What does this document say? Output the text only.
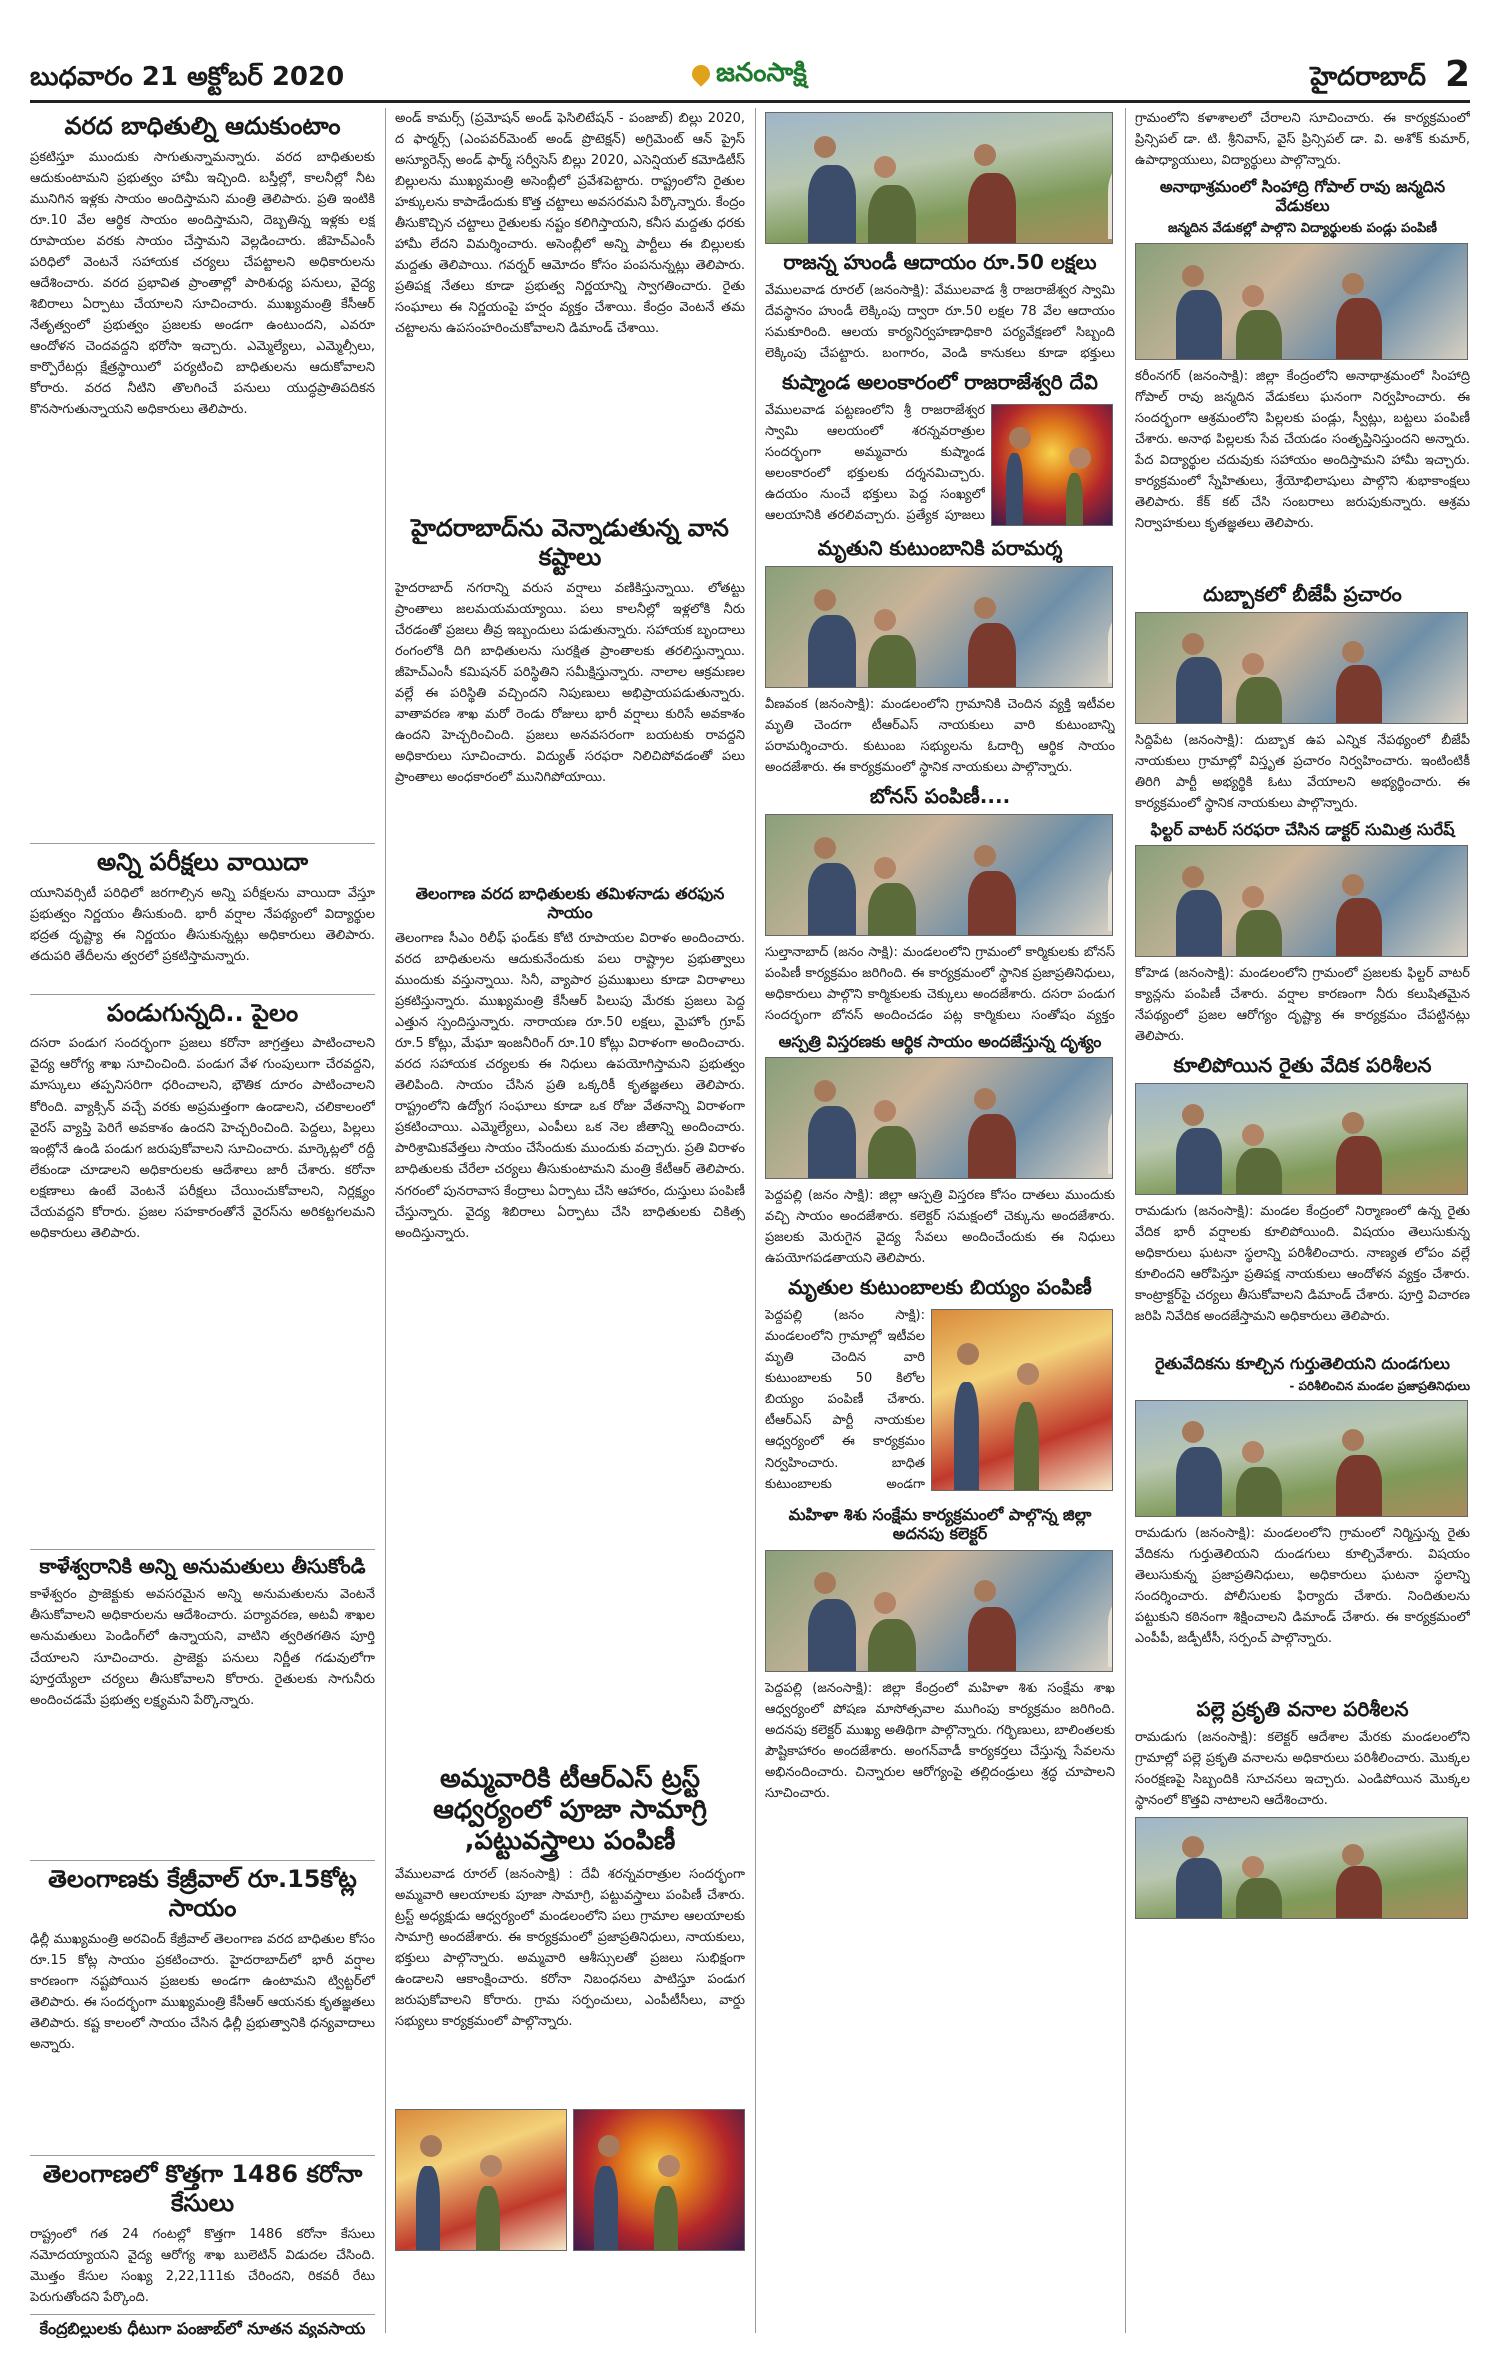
బుధవారం 21 అక్టోబర్ 2020	జనంసాక్షి	హైదరాబాద్ 2
వరద బాధితుల్ని ఆదుకుంటాం

ప్రకటిస్తూ ముందుకు సాగుతున్నామన్నారు. వరద బాధితులకు ఆదుకుంటామని ప్రభుత్వం హామీ ఇచ్చింది. బస్తీల్లో, కాలనీల్లో నీట మునిగిన ఇళ్లకు సాయం అందిస్తామని మంత్రి తెలిపారు. ప్రతి ఇంటికి రూ.10 వేల ఆర్థిక సాయం అందిస్తామని, దెబ్బతిన్న ఇళ్లకు లక్ష రూపాయల వరకు సాయం చేస్తామని వెల్లడించారు. జీహెచ్‌ఎంసీ పరిధిలో వెంటనే సహాయక చర్యలు చేపట్టాలని అధికారులను ఆదేశించారు. వరద ప్రభావిత ప్రాంతాల్లో పారిశుధ్య పనులు, వైద్య శిబిరాలు ఏర్పాటు చేయాలని సూచించారు. ముఖ్యమంత్రి కేసీఆర్ నేతృత్వంలో ప్రభుత్వం ప్రజలకు అండగా ఉంటుందని, ఎవరూ ఆందోళన చెందవద్దని భరోసా ఇచ్చారు. ఎమ్మెల్యేలు, ఎమ్మెల్సీలు, కార్పొరేటర్లు క్షేత్రస్థాయిలో పర్యటించి బాధితులను ఆదుకోవాలని కోరారు. వరద నీటిని తొలగించే పనులు యుద్ధప్రాతిపదికన కొనసాగుతున్నాయని అధికారులు తెలిపారు.

అన్ని పరీక్షలు వాయిదా

యూనివర్సిటీ పరిధిలో జరగాల్సిన అన్ని పరీక్షలను వాయిదా వేస్తూ ప్రభుత్వం నిర్ణయం తీసుకుంది. భారీ వర్షాల నేపథ్యంలో విద్యార్థుల భద్రత దృష్ట్యా ఈ నిర్ణయం తీసుకున్నట్లు అధికారులు తెలిపారు. తదుపరి తేదీలను త్వరలో ప్రకటిస్తామన్నారు.

పండుగున్నది.. పైలం

దసరా పండుగ సందర్భంగా ప్రజలు కరోనా జాగ్రత్తలు పాటించాలని వైద్య ఆరోగ్య శాఖ సూచించింది. పండుగ వేళ గుంపులుగా చేరవద్దని, మాస్కులు తప్పనిసరిగా ధరించాలని, భౌతిక దూరం పాటించాలని కోరింది. వ్యాక్సిన్ వచ్చే వరకు అప్రమత్తంగా ఉండాలని, చలికాలంలో వైరస్ వ్యాప్తి పెరిగే అవకాశం ఉందని హెచ్చరించింది. పెద్దలు, పిల్లలు ఇంట్లోనే ఉండి పండుగ జరుపుకోవాలని సూచించారు. మార్కెట్లలో రద్దీ లేకుండా చూడాలని అధికారులకు ఆదేశాలు జారీ చేశారు. కరోనా లక్షణాలు ఉంటే వెంటనే పరీక్షలు చేయించుకోవాలని, నిర్లక్ష్యం చేయవద్దని కోరారు. ప్రజల సహకారంతోనే వైరస్‌ను అరికట్టగలమని అధికారులు తెలిపారు.

కాళేశ్వరానికి అన్ని అనుమతులు తీసుకోండి

కాళేశ్వరం ప్రాజెక్టుకు అవసరమైన అన్ని అనుమతులను వెంటనే తీసుకోవాలని అధికారులను ఆదేశించారు. పర్యావరణ, అటవీ శాఖల అనుమతులు పెండింగ్‌లో ఉన్నాయని, వాటిని త్వరితగతిన పూర్తి చేయాలని సూచించారు. ప్రాజెక్టు పనులు నిర్ణీత గడువులోగా పూర్తయ్యేలా చర్యలు తీసుకోవాలని కోరారు. రైతులకు సాగునీరు అందించడమే ప్రభుత్వ లక్ష్యమని పేర్కొన్నారు.

తెలంగాణకు కేజ్రీవాల్ రూ.15కోట్ల సాయం

ఢిల్లీ ముఖ్యమంత్రి అరవింద్ కేజ్రీవాల్ తెలంగాణ వరద బాధితుల కోసం రూ.15 కోట్ల సాయం ప్రకటించారు. హైదరాబాద్‌లో భారీ వర్షాల కారణంగా నష్టపోయిన ప్రజలకు అండగా ఉంటామని ట్విట్టర్‌లో తెలిపారు. ఈ సందర్భంగా ముఖ్యమంత్రి కేసీఆర్ ఆయనకు కృతజ్ఞతలు తెలిపారు. కష్ట కాలంలో సాయం చేసిన ఢిల్లీ ప్రభుత్వానికి ధన్యవాదాలు అన్నారు.

తెలంగాణలో కొత్తగా 1486 కరోనా కేసులు

రాష్ట్రంలో గత 24 గంటల్లో కొత్తగా 1486 కరోనా కేసులు నమోదయ్యాయని వైద్య ఆరోగ్య శాఖ బులెటిన్ విడుదల చేసింది. మొత్తం కేసుల సంఖ్య 2,22,111కు చేరిందని, రికవరీ రేటు పెరుగుతోందని పేర్కొంది.

కేంద్రబిల్లులకు ధీటుగా పంజాబ్‌లో నూతన వ్యవసాయ

అండ్ కామర్స్ (ప్రమోషన్ అండ్ ఫెసిలిటేషన్ - పంజాబ్) బిల్లు 2020, ద ఫార్మర్స్ (ఎంపవర్‌మెంట్ అండ్ ప్రొటెక్షన్) అగ్రిమెంట్ ఆన్ ప్రైస్ అస్యూరెన్స్ అండ్ ఫార్మ్ సర్వీసెస్ బిల్లు 2020, ఎసెన్షియల్ కమోడిటీస్ బిల్లులను ముఖ్యమంత్రి అసెంబ్లీలో ప్రవేశపెట్టారు. రాష్ట్రంలోని రైతుల హక్కులను కాపాడేందుకు కొత్త చట్టాలు అవసరమని పేర్కొన్నారు. కేంద్రం తీసుకొచ్చిన చట్టాలు రైతులకు నష్టం కలిగిస్తాయని, కనీస మద్దతు ధరకు హామీ లేదని విమర్శించారు. అసెంబ్లీలో అన్ని పార్టీలు ఈ బిల్లులకు మద్దతు తెలిపాయి. గవర్నర్ ఆమోదం కోసం పంపనున్నట్లు తెలిపారు. ప్రతిపక్ష నేతలు కూడా ప్రభుత్వ నిర్ణయాన్ని స్వాగతించారు. రైతు సంఘాలు ఈ నిర్ణయంపై హర్షం వ్యక్తం చేశాయి. కేంద్రం వెంటనే తమ చట్టాలను ఉపసంహరించుకోవాలని డిమాండ్ చేశాయి.

హైదరాబాద్‌ను వెన్నాడుతున్న వాన కష్టాలు

హైదరాబాద్ నగరాన్ని వరుస వర్షాలు వణికిస్తున్నాయి. లోతట్టు ప్రాంతాలు జలమయమయ్యాయి. పలు కాలనీల్లో ఇళ్లలోకి నీరు చేరడంతో ప్రజలు తీవ్ర ఇబ్బందులు పడుతున్నారు. సహాయక బృందాలు రంగంలోకి దిగి బాధితులను సురక్షిత ప్రాంతాలకు తరలిస్తున్నాయి. జీహెచ్‌ఎంసీ కమిషనర్ పరిస్థితిని సమీక్షిస్తున్నారు. నాలాల ఆక్రమణల వల్లే ఈ పరిస్థితి వచ్చిందని నిపుణులు అభిప్రాయపడుతున్నారు. వాతావరణ శాఖ మరో రెండు రోజులు భారీ వర్షాలు కురిసే అవకాశం ఉందని హెచ్చరించింది. ప్రజలు అనవసరంగా బయటకు రావద్దని అధికారులు సూచించారు. విద్యుత్ సరఫరా నిలిచిపోవడంతో పలు ప్రాంతాలు అంధకారంలో మునిగిపోయాయి.

తెలంగాణ వరద బాధితులకు తమిళనాడు తరఫున సాయం

తెలంగాణ సీఎం రిలీఫ్ ఫండ్‌కు కోటి రూపాయల విరాళం అందించారు. వరద బాధితులను ఆదుకునేందుకు పలు రాష్ట్రాల ప్రభుత్వాలు ముందుకు వస్తున్నాయి. సినీ, వ్యాపార ప్రముఖులు కూడా విరాళాలు ప్రకటిస్తున్నారు. ముఖ్యమంత్రి కేసీఆర్ పిలుపు మేరకు ప్రజలు పెద్ద ఎత్తున స్పందిస్తున్నారు. నారాయణ రూ.50 లక్షలు, మైహోం గ్రూప్ రూ.5 కోట్లు, మేఘా ఇంజనీరింగ్ రూ.10 కోట్లు విరాళంగా అందించారు. వరద సహాయక చర్యలకు ఈ నిధులు ఉపయోగిస్తామని ప్రభుత్వం తెలిపింది. సాయం చేసిన ప్రతి ఒక్కరికీ కృతజ్ఞతలు తెలిపారు. రాష్ట్రంలోని ఉద్యోగ సంఘాలు కూడా ఒక రోజు వేతనాన్ని విరాళంగా ప్రకటించాయి. ఎమ్మెల్యేలు, ఎంపీలు ఒక నెల జీతాన్ని అందించారు. పారిశ్రామికవేత్తలు సాయం చేసేందుకు ముందుకు వచ్చారు. ప్రతి విరాళం బాధితులకు చేరేలా చర్యలు తీసుకుంటామని మంత్రి కేటీఆర్ తెలిపారు. నగరంలో పునరావాస కేంద్రాలు ఏర్పాటు చేసి ఆహారం, దుస్తులు పంపిణీ చేస్తున్నారు. వైద్య శిబిరాలు ఏర్పాటు చేసి బాధితులకు చికిత్స అందిస్తున్నారు.

అమ్మవారికి టీఆర్‌ఎస్ ట్రస్ట్ ఆధ్వర్యంలో పూజా సామాగ్రి ,పట్టువస్త్రాలు పంపిణీ

వేములవాడ రూరల్ (జనంసాక్షి) : దేవీ శరన్నవరాత్రుల సందర్భంగా అమ్మవారి ఆలయాలకు పూజా సామాగ్రి, పట్టువస్త్రాలు పంపిణీ చేశారు. ట్రస్ట్ అధ్యక్షుడు ఆధ్వర్యంలో మండలంలోని పలు గ్రామాల ఆలయాలకు సామాగ్రి అందజేశారు. ఈ కార్యక్రమంలో ప్రజాప్రతినిధులు, నాయకులు, భక్తులు పాల్గొన్నారు. అమ్మవారి ఆశీస్సులతో ప్రజలు సుభిక్షంగా ఉండాలని ఆకాంక్షించారు. కరోనా నిబంధనలు పాటిస్తూ పండుగ జరుపుకోవాలని కోరారు. గ్రామ సర్పంచులు, ఎంపీటీసీలు, వార్డు సభ్యులు కార్యక్రమంలో పాల్గొన్నారు.

రాజన్న హుండీ ఆదాయం రూ.50 లక్షలు

వేములవాడ రూరల్ (జనంసాక్షి): వేములవాడ శ్రీ రాజరాజేశ్వర స్వామి దేవస్థానం హుండీ లెక్కింపు ద్వారా రూ.50 లక్షల 78 వేల ఆదాయం సమకూరింది. ఆలయ కార్యనిర్వహణాధికారి పర్యవేక్షణలో సిబ్బంది లెక్కింపు చేపట్టారు. బంగారం, వెండి కానుకలు కూడా భక్తులు

కుష్మాండ అలంకారంలో రాజరాజేశ్వరి దేవి

వేములవాడ పట్టణంలోని శ్రీ రాజరాజేశ్వర స్వామి ఆలయంలో శరన్నవరాత్రుల సందర్భంగా అమ్మవారు కుష్మాండ అలంకారంలో భక్తులకు దర్శనమిచ్చారు. ఉదయం నుంచే భక్తులు పెద్ద సంఖ్యలో ఆలయానికి తరలివచ్చారు. ప్రత్యేక పూజలు

మృతుని కుటుంబానికి పరామర్శ

వీణవంక (జనంసాక్షి): మండలంలోని గ్రామానికి చెందిన వ్యక్తి ఇటీవల మృతి చెందగా టీఆర్‌ఎస్ నాయకులు వారి కుటుంబాన్ని పరామర్శించారు. కుటుంబ సభ్యులను ఓదార్చి ఆర్థిక సాయం అందజేశారు. ఈ కార్యక్రమంలో స్థానిక నాయకులు పాల్గొన్నారు.

బోనస్ పంపిణీ....

సుల్తానాబాద్ (జనం సాక్షి): మండలంలోని గ్రామంలో కార్మికులకు బోనస్ పంపిణీ కార్యక్రమం జరిగింది. ఈ కార్యక్రమంలో స్థానిక ప్రజాప్రతినిధులు, అధికారులు పాల్గొని కార్మికులకు చెక్కులు అందజేశారు. దసరా పండుగ సందర్భంగా బోనస్ అందించడం పట్ల కార్మికులు సంతోషం వ్యక్తం

ఆస్పత్రి విస్తరణకు ఆర్థిక సాయం అందజేస్తున్న దృశ్యం

పెద్దపల్లి (జనం సాక్షి): జిల్లా ఆస్పత్రి విస్తరణ కోసం దాతలు ముందుకు వచ్చి సాయం అందజేశారు. కలెక్టర్ సమక్షంలో చెక్కును అందజేశారు. ప్రజలకు మెరుగైన వైద్య సేవలు అందించేందుకు ఈ నిధులు ఉపయోగపడతాయని తెలిపారు.

మృతుల కుటుంబాలకు బియ్యం పంపిణీ

పెద్దపల్లి (జనం సాక్షి): మండలంలోని గ్రామాల్లో ఇటీవల మృతి చెందిన వారి కుటుంబాలకు 50 కిలోల బియ్యం పంపిణీ చేశారు. టీఆర్‌ఎస్ పార్టీ నాయకుల ఆధ్వర్యంలో ఈ కార్యక్రమం నిర్వహించారు. బాధిత కుటుంబాలకు అండగా

మహిళా శిశు సంక్షేమ కార్యక్రమంలో పాల్గొన్న జిల్లా అదనపు కలెక్టర్

పెద్దపల్లి (జనంసాక్షి): జిల్లా కేంద్రంలో మహిళా శిశు సంక్షేమ శాఖ ఆధ్వర్యంలో పోషణ మాసోత్సవాల ముగింపు కార్యక్రమం జరిగింది. అదనపు కలెక్టర్ ముఖ్య అతిథిగా పాల్గొన్నారు. గర్భిణులు, బాలింతలకు పౌష్టికాహారం అందజేశారు. అంగన్‌వాడీ కార్యకర్తలు చేస్తున్న సేవలను అభినందించారు. చిన్నారుల ఆరోగ్యంపై తల్లిదండ్రులు శ్రద్ధ చూపాలని సూచించారు.

గ్రామంలోని కళాశాలలో చేరాలని సూచించారు. ఈ కార్యక్రమంలో ప్రిన్సిపల్ డా. టి. శ్రీనివాస్, వైస్ ప్రిన్సిపల్ డా. వి. అశోక్ కుమార్, ఉపాధ్యాయులు, విద్యార్థులు పాల్గొన్నారు.

అనాథాశ్రమంలో సింహాద్రి గోపాల్ రావు జన్మదిన వేడుకలు
జన్మదిన వేడుకల్లో పాల్గొని విద్యార్థులకు పండ్లు పంపిణీ

కరీంనగర్ (జనంసాక్షి): జిల్లా కేంద్రంలోని అనాథాశ్రమంలో సింహాద్రి గోపాల్ రావు జన్మదిన వేడుకలు ఘనంగా నిర్వహించారు. ఈ సందర్భంగా ఆశ్రమంలోని పిల్లలకు పండ్లు, స్వీట్లు, బట్టలు పంపిణీ చేశారు. అనాథ పిల్లలకు సేవ చేయడం సంతృప్తినిస్తుందని అన్నారు. పేద విద్యార్థుల చదువుకు సహాయం అందిస్తామని హామీ ఇచ్చారు. కార్యక్రమంలో స్నేహితులు, శ్రేయోభిలాషులు పాల్గొని శుభాకాంక్షలు తెలిపారు. కేక్ కట్ చేసి సంబరాలు జరుపుకున్నారు. ఆశ్రమ నిర్వాహకులు కృతజ్ఞతలు తెలిపారు.

దుబ్బాకలో బీజేపీ ప్రచారం

సిద్దిపేట (జనంసాక్షి): దుబ్బాక ఉప ఎన్నిక నేపథ్యంలో బీజేపీ నాయకులు గ్రామాల్లో విస్తృత ప్రచారం నిర్వహించారు. ఇంటింటికీ తిరిగి పార్టీ అభ్యర్థికి ఓటు వేయాలని అభ్యర్థించారు. ఈ కార్యక్రమంలో స్థానిక నాయకులు పాల్గొన్నారు.

ఫిల్టర్ వాటర్ సరఫరా చేసిన డాక్టర్ సుమిత్ర సురేష్

కోహెడ (జనంసాక్షి): మండలంలోని గ్రామంలో ప్రజలకు ఫిల్టర్ వాటర్ క్యాన్లను పంపిణీ చేశారు. వర్షాల కారణంగా నీరు కలుషితమైన నేపథ్యంలో ప్రజల ఆరోగ్యం దృష్ట్యా ఈ కార్యక్రమం చేపట్టినట్లు తెలిపారు.

కూలిపోయిన రైతు వేదిక పరిశీలన

రామడుగు (జనంసాక్షి): మండల కేంద్రంలో నిర్మాణంలో ఉన్న రైతు వేదిక భారీ వర్షాలకు కూలిపోయింది. విషయం తెలుసుకున్న అధికారులు ఘటనా స్థలాన్ని పరిశీలించారు. నాణ్యత లోపం వల్లే కూలిందని ఆరోపిస్తూ ప్రతిపక్ష నాయకులు ఆందోళన వ్యక్తం చేశారు. కాంట్రాక్టర్‌పై చర్యలు తీసుకోవాలని డిమాండ్ చేశారు. పూర్తి విచారణ జరిపి నివేదిక అందజేస్తామని అధికారులు తెలిపారు.

రైతువేదికను కూల్చిన గుర్తుతెలియని దుండగులు
- పరిశీలించిన మండల ప్రజాప్రతినిధులు

రామడుగు (జనంసాక్షి): మండలంలోని గ్రామంలో నిర్మిస్తున్న రైతు వేదికను గుర్తుతెలియని దుండగులు కూల్చివేశారు. విషయం తెలుసుకున్న ప్రజాప్రతినిధులు, అధికారులు ఘటనా స్థలాన్ని సందర్శించారు. పోలీసులకు ఫిర్యాదు చేశారు. నిందితులను పట్టుకుని కఠినంగా శిక్షించాలని డిమాండ్ చేశారు. ఈ కార్యక్రమంలో ఎంపీపీ, జడ్పీటీసీ, సర్పంచ్ పాల్గొన్నారు.

పల్లె ప్రకృతి వనాల పరిశీలన

రామడుగు (జనంసాక్షి): కలెక్టర్ ఆదేశాల మేరకు మండలంలోని గ్రామాల్లో పల్లె ప్రకృతి వనాలను అధికారులు పరిశీలించారు. మొక్కల సంరక్షణపై సిబ్బందికి సూచనలు ఇచ్చారు. ఎండిపోయిన మొక్కల స్థానంలో కొత్తవి నాటాలని ఆదేశించారు.
